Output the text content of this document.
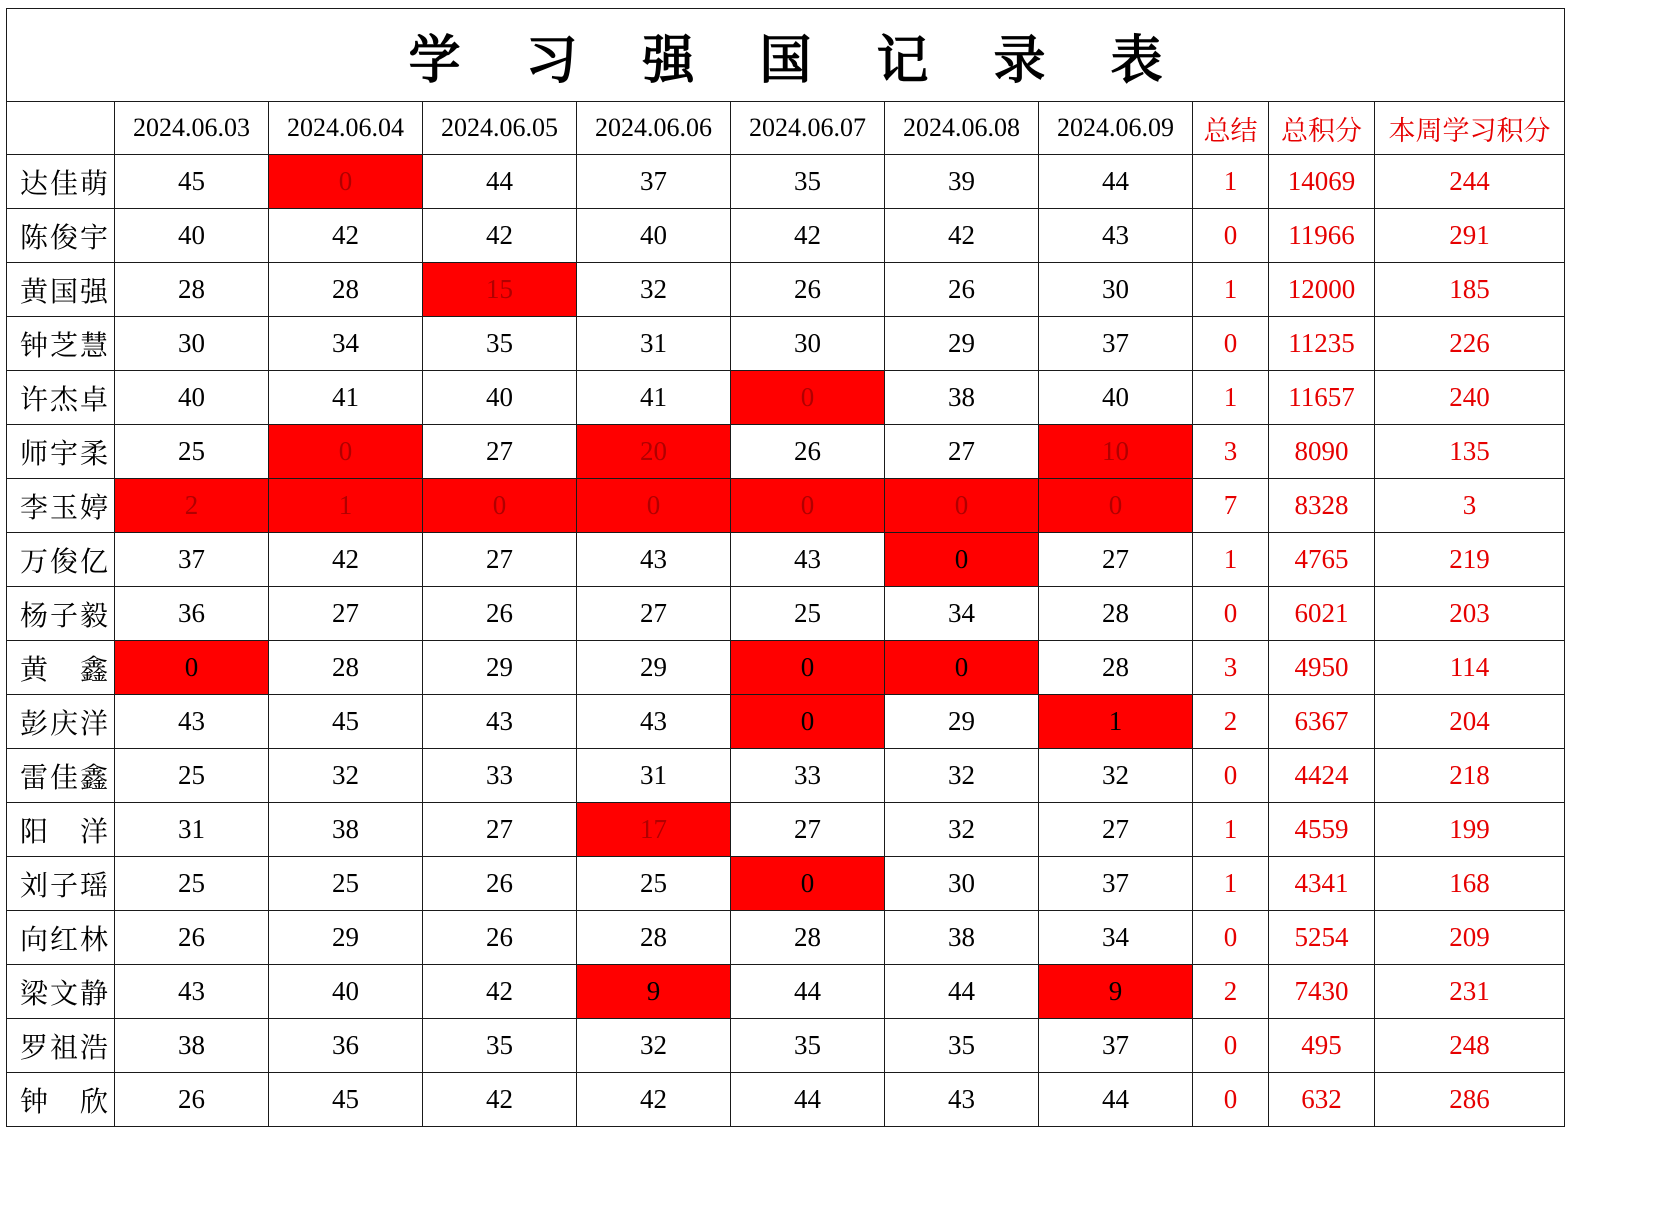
学 习 强 国 记 录 表										
	2024.06.03	2024.06.04	2024.06.05	2024.06.06	2024.06.07	2024.06.08	2024.06.09	总结	总积分	本周学习积分
达佳萌	45	0	44	37	35	39	44	1	14069	244
陈俊宇	40	42	42	40	42	42	43	0	11966	291
黄国强	28	28	15	32	26	26	30	1	12000	185
钟芝慧	30	34	35	31	30	29	37	0	11235	226
许杰卓	40	41	40	41	0	38	40	1	11657	240
师宇柔	25	0	27	20	26	27	10	3	8090	135
李玉婷	2	1	0	0	0	0	0	7	8328	3
万俊亿	37	42	27	43	43	0	27	1	4765	219
杨子毅	36	27	26	27	25	34	28	0	6021	203
黄　鑫	0	28	29	29	0	0	28	3	4950	114
彭庆洋	43	45	43	43	0	29	1	2	6367	204
雷佳鑫	25	32	33	31	33	32	32	0	4424	218
阳　洋	31	38	27	17	27	32	27	1	4559	199
刘子瑶	25	25	26	25	0	30	37	1	4341	168
向红林	26	29	26	28	28	38	34	0	5254	209
梁文静	43	40	42	9	44	44	9	2	7430	231
罗祖浩	38	36	35	32	35	35	37	0	495	248
钟　欣	26	45	42	42	44	43	44	0	632	286
